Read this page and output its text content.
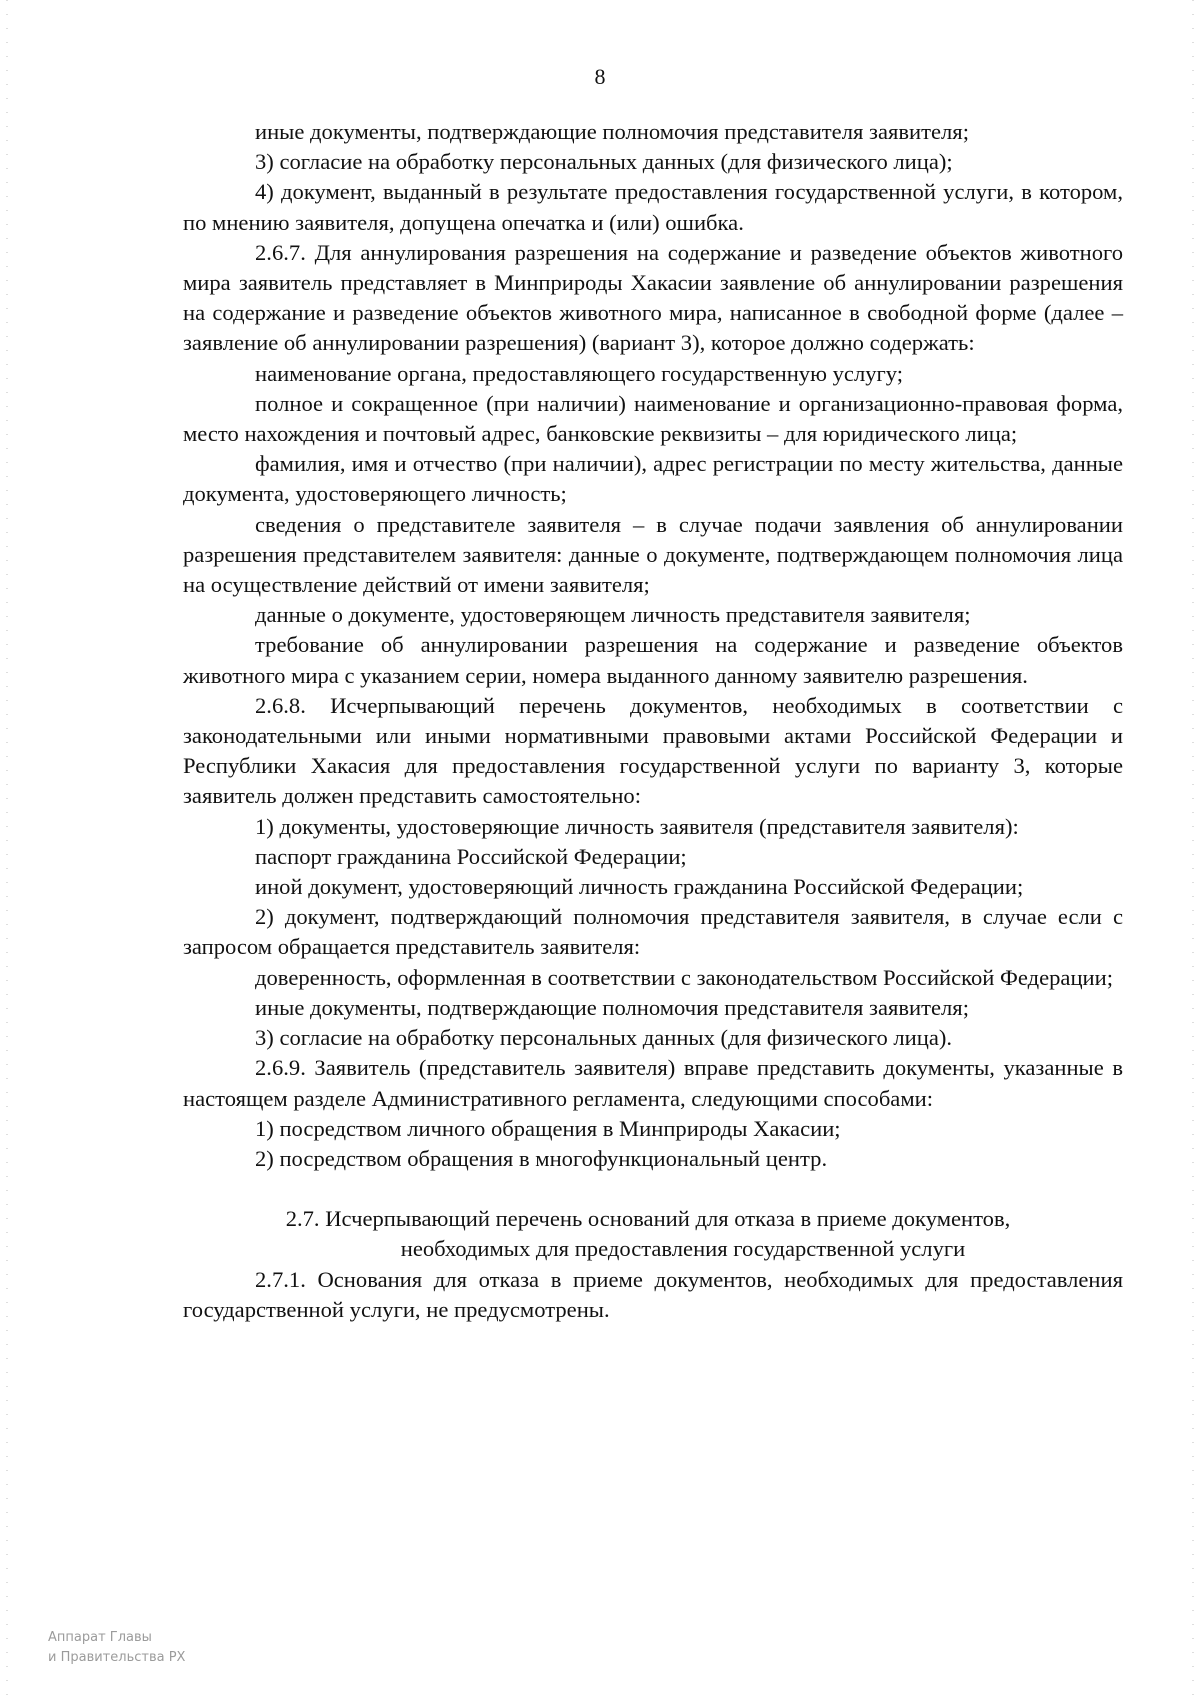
8

иные документы, подтверждающие полномочия представителя заявителя;

3) согласие на обработку персональных данных (для физического лица);

4) документ, выданный в результате предоставления государственной услуги, в котором, по мнению заявителя, допущена опечатка и (или) ошибка.

2.6.7. Для аннулирования разрешения на содержание и разведение объектов животного мира заявитель представляет в Минприроды Хакасии заявление об аннулировании разрешения на содержание и разведение объектов животного мира, написанное в свободной форме (далее – заявление об аннулировании разрешения) (вариант 3), которое должно содержать:

наименование органа, предоставляющего государственную услугу;

полное и сокращенное (при наличии) наименование и организационно-правовая форма, место нахождения и почтовый адрес, банковские реквизиты – для юридического лица;

фамилия, имя и отчество (при наличии), адрес регистрации по месту жительства, данные документа, удостоверяющего личность;

сведения о представителе заявителя – в случае подачи заявления об аннулировании разрешения представителем заявителя: данные о документе, подтверждающем полномочия лица на осуществление действий от имени заявителя;

данные о документе, удостоверяющем личность представителя заявителя;

требование об аннулировании разрешения на содержание и разведение объектов животного мира с указанием серии, номера выданного данному заявителю разрешения.

2.6.8. Исчерпывающий перечень документов, необходимых в соответствии с законодательными или иными нормативными правовыми актами Российской Федерации и Республики Хакасия для предоставления государственной услуги по варианту 3, которые заявитель должен представить самостоятельно:

1) документы, удостоверяющие личность заявителя (представителя заявителя):

паспорт гражданина Российской Федерации;

иной документ, удостоверяющий личность гражданина Российской Федерации;

2) документ, подтверждающий полномочия представителя заявителя, в случае если с запросом обращается представитель заявителя:

доверенность, оформленная в соответствии с законодательством Российской Федерации;

иные документы, подтверждающие полномочия представителя заявителя;

3) согласие на обработку персональных данных (для физического лица).

2.6.9. Заявитель (представитель заявителя) вправе представить документы, указанные в настоящем разделе Административного регламента, следующими способами:

1) посредством личного обращения в Минприроды Хакасии;

2) посредством обращения в многофункциональный центр.

2.7. Исчерпывающий перечень оснований для отказа в приеме документов,
необходимых для предоставления государственной услуги

2.7.1. Основания для отказа в приеме документов, необходимых для предоставления государственной услуги, не предусмотрены.

Аппарат Главы
и Правительства РХ
